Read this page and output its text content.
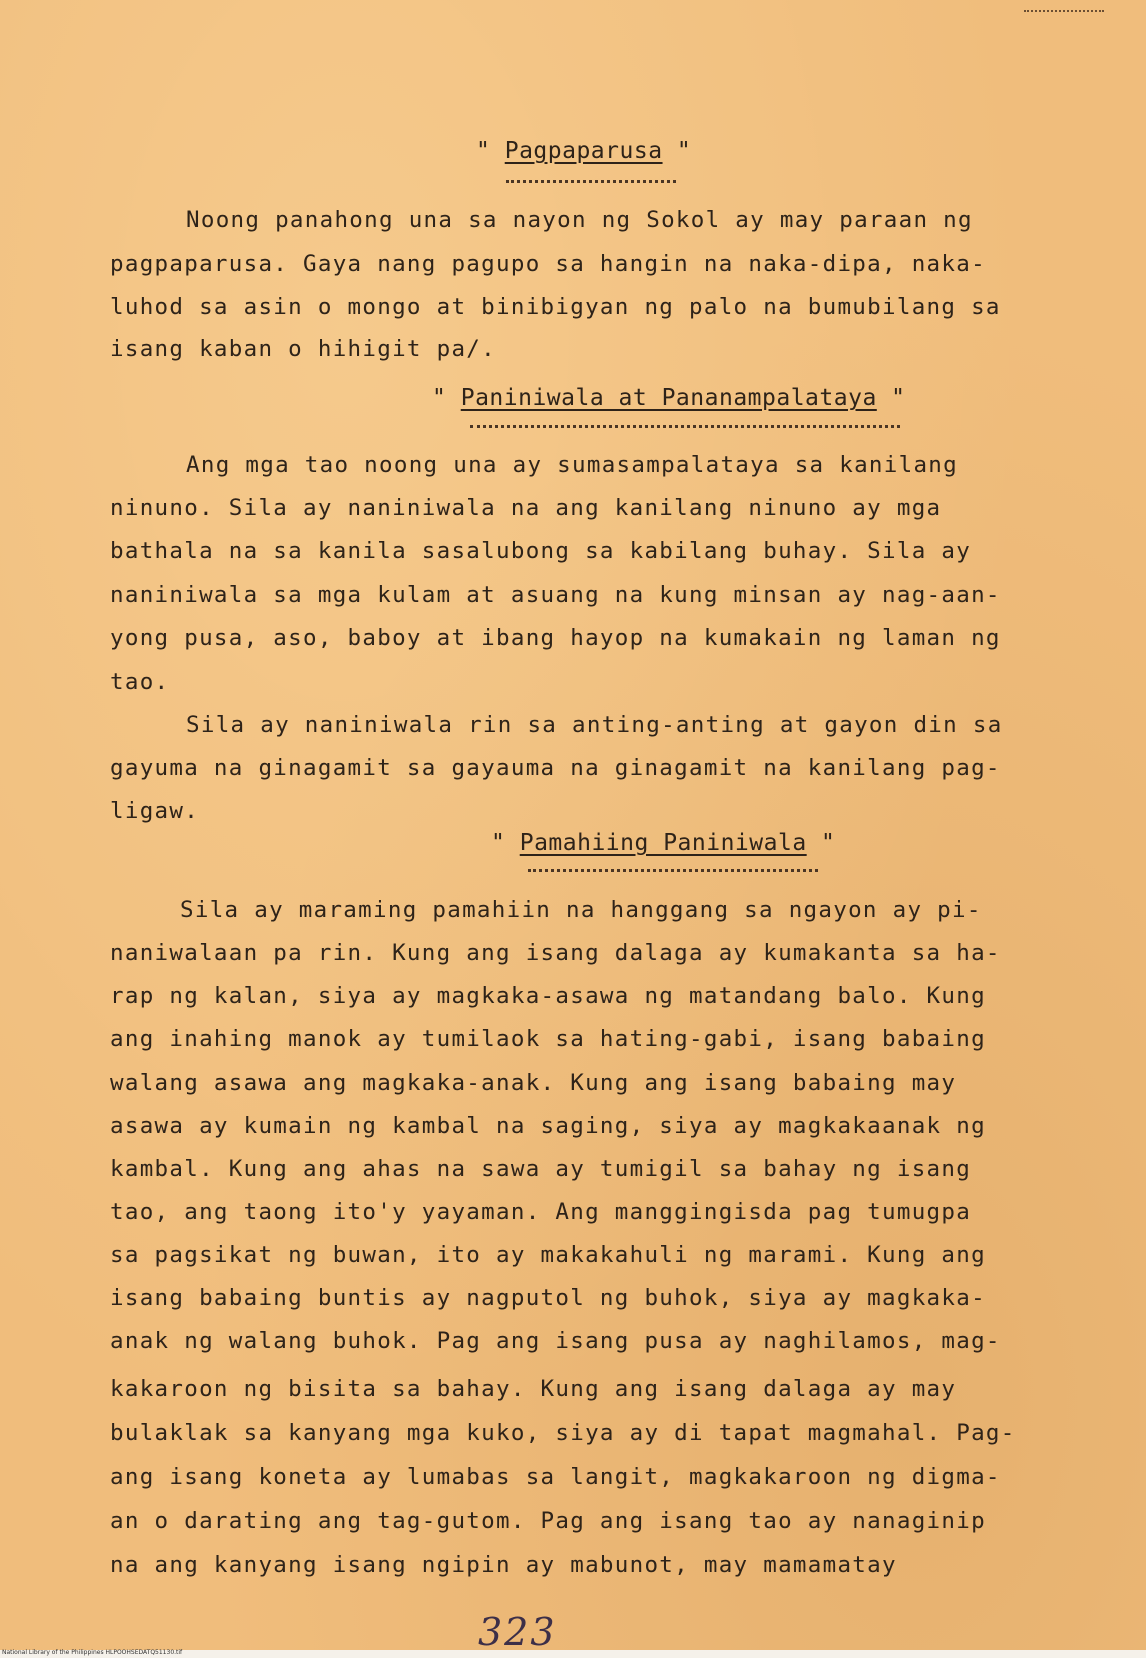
" Pagpaparusa "
Noong panahong una sa nayon ng Sokol ay may paraan ng
pagpaparusa. Gaya nang pagupo sa hangin na naka-dipa, naka-
luhod sa asin o mongo at binibigyan ng palo na bumubilang sa
isang kaban o hihigit pa/.
" Paniniwala at Pananampalataya "
Ang mga tao noong una ay sumasampalataya sa kanilang
ninuno. Sila ay naniniwala na ang kanilang ninuno ay mga
bathala na sa kanila sasalubong sa kabilang buhay. Sila ay
naniniwala sa mga kulam at asuang na kung minsan ay nag-aan-
yong pusa, aso, baboy at ibang hayop na kumakain ng laman ng
tao.
Sila ay naniniwala rin sa anting-anting at gayon din sa
gayuma na ginagamit sa gayauma na ginagamit na kanilang pag-
ligaw.
" Pamahiing Paniniwala "
Sila ay maraming pamahiin na hanggang sa ngayon ay pi-
naniwalaan pa rin. Kung ang isang dalaga ay kumakanta sa ha-
rap ng kalan, siya ay magkaka-asawa ng matandang balo. Kung
ang inahing manok ay tumilaok sa hating-gabi, isang babaing
walang asawa ang magkaka-anak. Kung ang isang babaing may
asawa ay kumain ng kambal na saging, siya ay magkakaanak ng
kambal. Kung ang ahas na sawa ay tumigil sa bahay ng isang
tao, ang taong ito'y yayaman. Ang manggingisda pag tumugpa
sa pagsikat ng buwan, ito ay makakahuli ng marami. Kung ang
isang babaing buntis ay nagputol ng buhok, siya ay magkaka-
anak ng walang buhok. Pag ang isang pusa ay naghilamos, mag-
kakaroon ng bisita sa bahay. Kung ang isang dalaga ay may
bulaklak sa kanyang mga kuko, siya ay di tapat magmahal. Pag-
ang isang koneta ay lumabas sa langit, magkakaroon ng digma-
an o darating ang tag-gutom. Pag ang isang tao ay nanaginip
na ang kanyang isang ngipin ay mabunot, may mamamatay
323
National Library of the Philippines HLPOOHSEDATQ51130.tif
